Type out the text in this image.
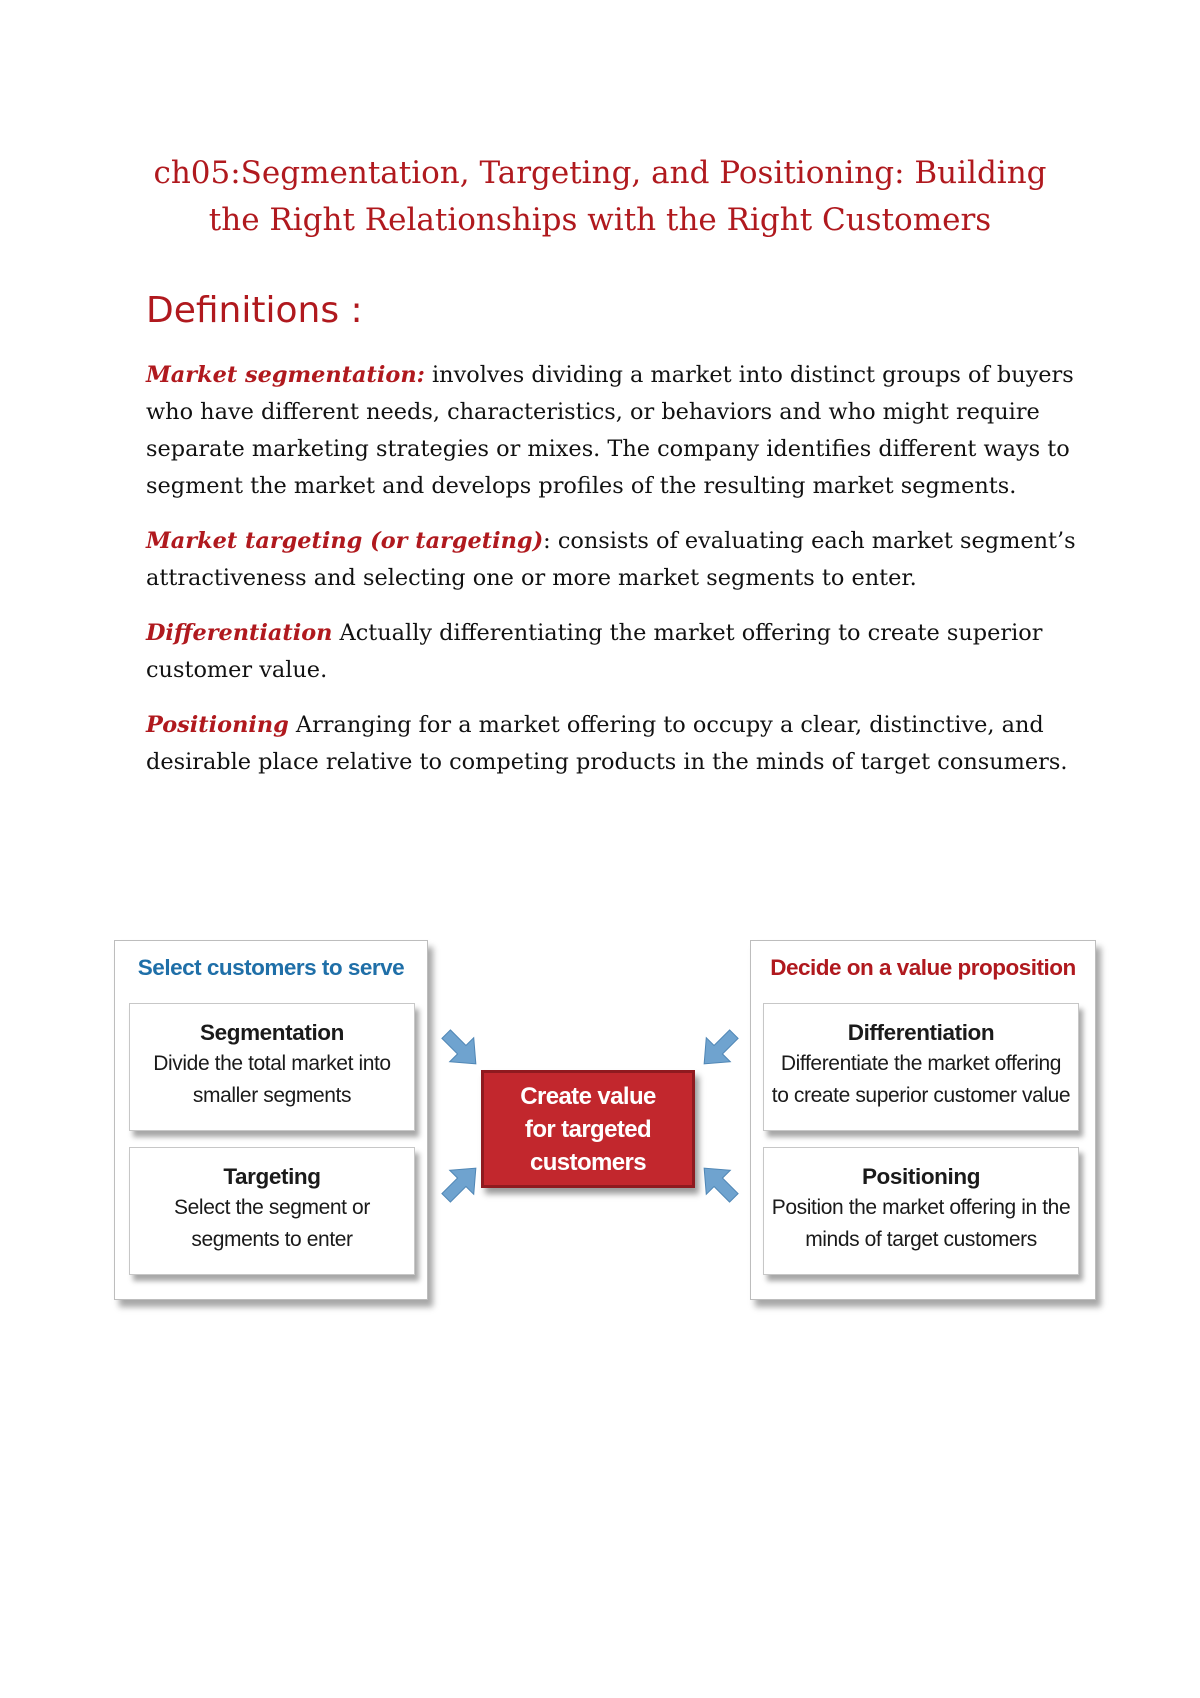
ch05:Segmentation, Targeting, and Positioning: Building the Right Relationships with the Right Customers
Definitions :

Market segmentation: involves dividing a market into distinct groups of buyers who have different needs, characteristics, or behaviors and who might require separate marketing strategies or mixes. The company identifies different ways to segment the market and develops profiles of the resulting market segments.

Market targeting (or targeting): consists of evaluating each market segment’s attractiveness and selecting one or more market segments to enter.

Differentiation Actually differentiating the market offering to create superior customer value.

Positioning Arranging for a market offering to occupy a clear, distinctive, and desirable place relative to competing products in the minds of target consumers.

Select customers to serve
Segmentation
Divide the total market into smaller segments
Targeting
Select the segment or segments to enter
Create value for targeted customers
Decide on a value proposition
Differentiation
Differentiate the market offering to create superior customer value
Positioning
Position the market offering in the minds of target customers
